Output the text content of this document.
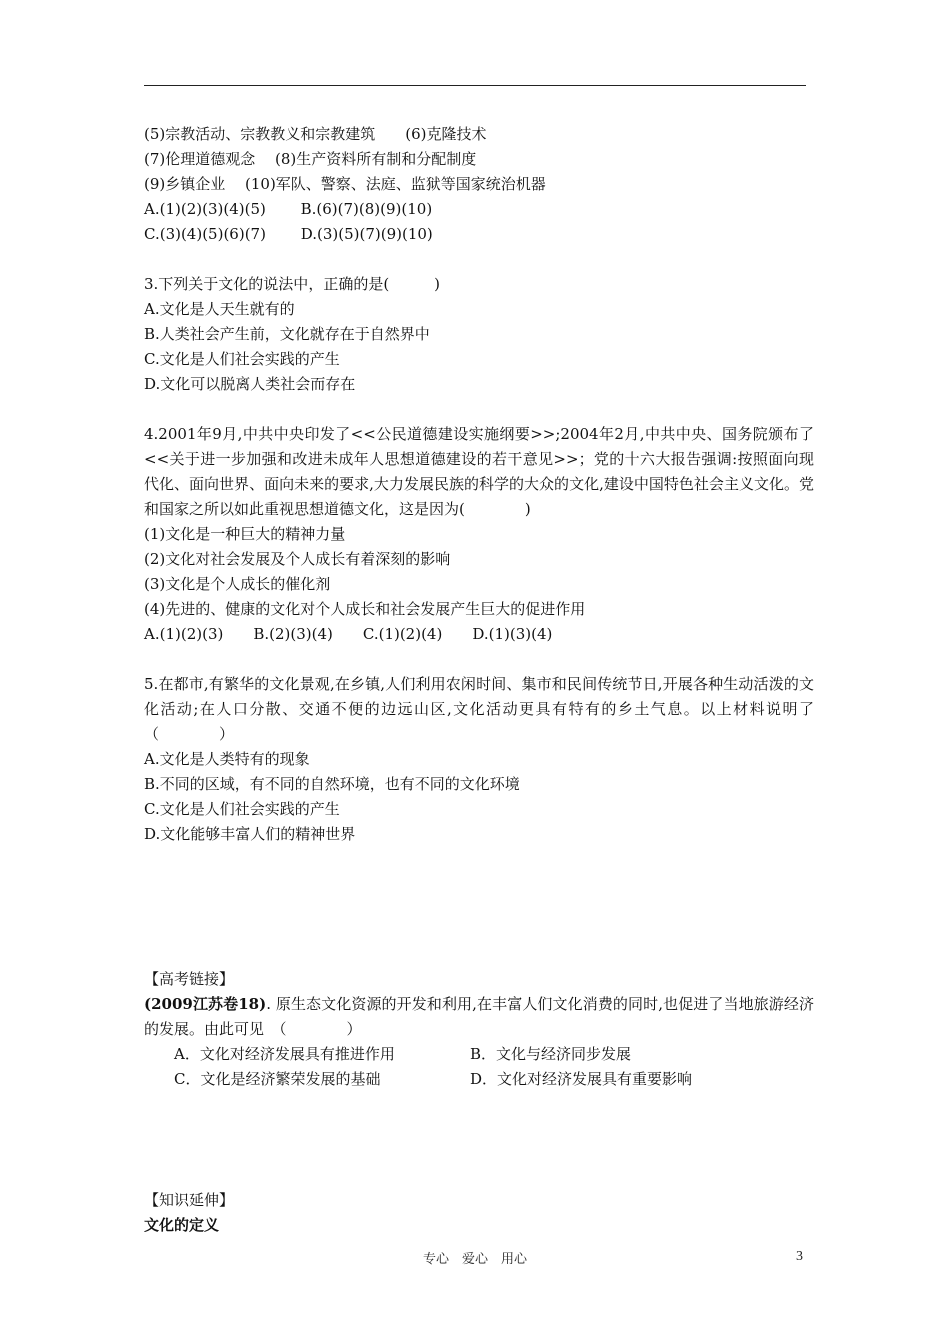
(5)宗教活动、宗教教义和宗教建筑　　(6)克隆技术
(7)伦理道德观念　 (8)生产资料所有制和分配制度
(9)乡镇企业　 (10)军队、警察、法庭、监狱等国家统治机器
A.(1)(2)(3)(4)(5)　　 B.(6)(7)(8)(9)(10)
C.(3)(4)(5)(6)(7)　　 D.(3)(5)(7)(9)(10)
3.下列关于文化的说法中，正确的是(　　　)
A.文化是人天生就有的
B.人类社会产生前，文化就存在于自然界中
C.文化是人们社会实践的产生
D.文化可以脱离人类社会而存在
4.2001年9月,中共中央印发了<<公民道德建设实施纲要>>;2004年2月,中共中央、国务院颁布了<<关于进一步加强和改进未成年人思想道德建设的若干意见>>；党的十六大报告强调:按照面向现代化、面向世界、面向未来的要求,大力发展民族的科学的大众的文化,建设中国特色社会主义文化。党和国家之所以如此重视思想道德文化，这是因为(　　　　)
(1)文化是一种巨大的精神力量
(2)文化对社会发展及个人成长有着深刻的影响
(3)文化是个人成长的催化剂
(4)先进的、健康的文化对个人成长和社会发展产生巨大的促进作用
A.(1)(2)(3)　　B.(2)(3)(4)　　C.(1)(2)(4)　　D.(1)(3)(4)
5.在都市,有繁华的文化景观,在乡镇,人们利用农闲时间、集市和民间传统节日,开展各种生动活泼的文化活动;在人口分散、交通不便的边远山区,文化活动更具有特有的乡土气息。以上材料说明了（　　　　）
A.文化是人类特有的现象
B.不同的区域，有不同的自然环境，也有不同的文化环境
C.文化是人们社会实践的产生
D.文化能够丰富人们的精神世界
【高考链接】
(2009江苏卷18). 原生态文化资源的开发和利用,在丰富人们文化消费的同时,也促进了当地旅游经济的发展。由此可见　（　　　　）
A．文化对经济发展具有推进作用	B．文化与经济同步发展
C．文化是经济繁荣发展的基础	D．文化对经济发展具有重要影响
【知识延伸】
文化的定义
专心　爱心　用心	3
